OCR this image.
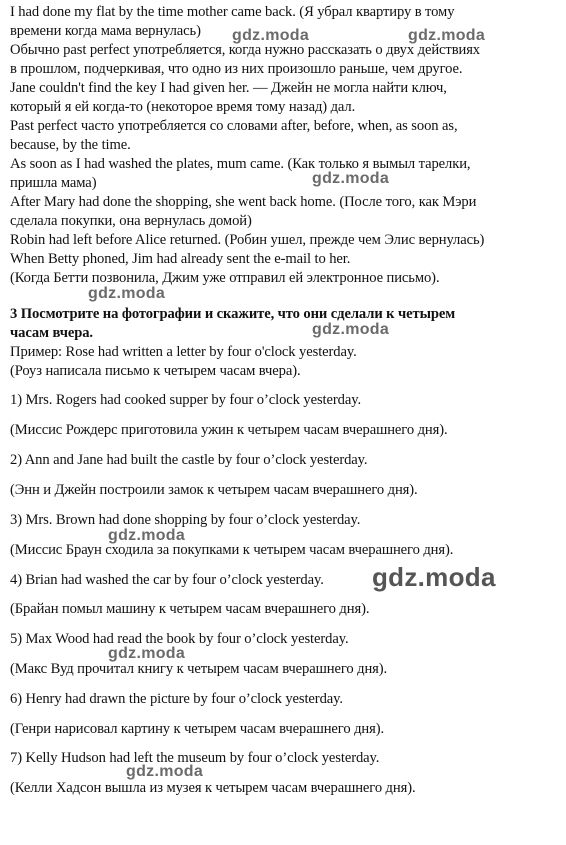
I had done my flat by the time mother came back. (Я убрал квартиру в тому
времени когда мама вернулась)
Обычно past perfect употребляется, когда нужно рассказать о двух действиях
в прошлом, подчеркивая, что одно из них произошло раньше, чем другое.
Jane couldn't find the key I had given her. — Джейн не могла найти ключ,
который я ей когда-то (некоторое время тому назад) дал.
Past perfect часто употребляется со словами after, before, when, as soon as,
because, by the time.
As soon as I had washed the plates, mum came. (Как только я вымыл тарелки,
пришла мама)
After Mary had done the shopping, she went back home. (После того, как Мэри
сделала покупки, она вернулась домой)
Robin had left before Alice returned. (Робин ушел, прежде чем Элис вернулась)
When Betty phoned, Jim had already sent the e-mail to her.
(Когда Бетти позвонила, Джим уже отправил ей электронное письмо).
3 Посмотрите на фотографии и скажите, что они сделали к четырем
часам вчера.
Пример: Rose had written a letter by four o'clock yesterday.
(Роуз написала письмо к четырем часам вчера).
1) Mrs. Rogers had cooked supper by four o’clock yesterday.
(Миссис Рождерс приготовила ужин к четырем часам вчерашнего дня).
2) Ann and Jane had built the castle by four o’clock yesterday.
(Энн и Джейн построили замок к четырем часам вчерашнего дня).
3) Mrs. Brown had done shopping by four o’clock yesterday.
(Миссис Браун сходила за покупками к четырем часам вчерашнего дня).
4) Brian had washed the car by four o’clock yesterday.
(Брайан помыл машину к четырем часам вчерашнего дня).
5) Max Wood had read the book by four o’clock yesterday.
(Макс Вуд прочитал книгу к четырем часам вчерашнего дня).
6) Henry had drawn the picture by four o’clock yesterday.
(Генри нарисовал картину к четырем часам вчерашнего дня).
7) Kelly Hudson had left the museum by four o’clock yesterday.
(Келли Хадсон вышла из музея к четырем часам вчерашнего дня).
gdz.moda	gdz.moda
gdz.moda
gdz.moda
gdz.moda
gdz.moda
gdz.moda
gdz.moda
gdz.moda
